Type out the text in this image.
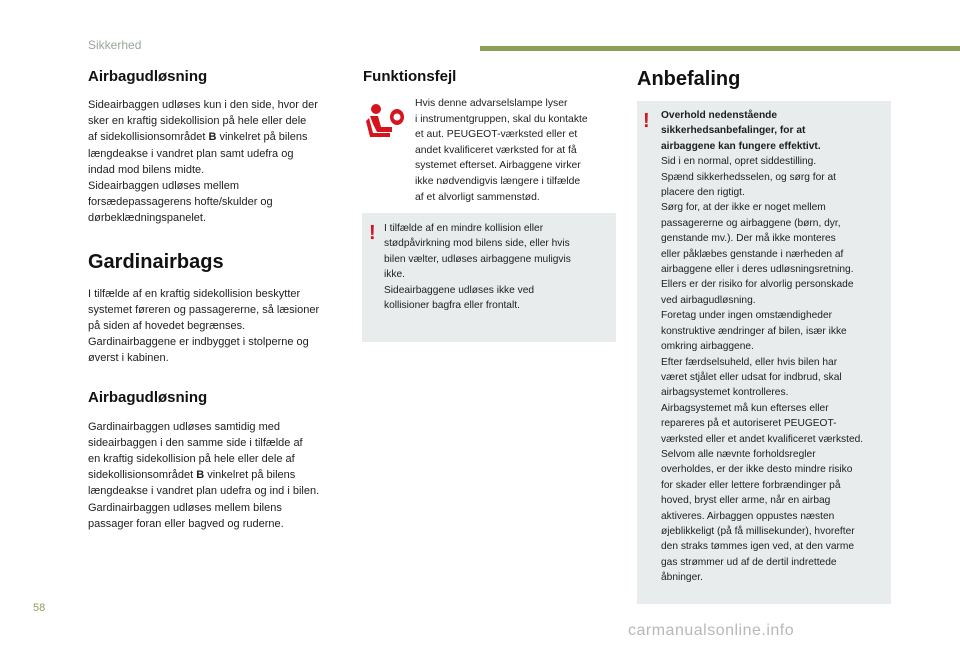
Sikkerhed
Airbagudløsning

Sideairbaggen udløses kun i den side, hvor der
sker en kraftig sidekollision på hele eller dele
af sidekollisionsområdet B vinkelret på bilens
længdeakse i vandret plan samt udefra og
indad mod bilens midte.
Sideairbaggen udløses mellem
forsædepassagerens hofte/skulder og
dørbeklædningspanelet.

Gardinairbags

I tilfælde af en kraftig sidekollision beskytter
systemet føreren og passagererne, så læsioner
på siden af hovedet begrænses.
Gardinairbaggene er indbygget i stolperne og
øverst i kabinen.

Airbagudløsning

Gardinairbaggen udløses samtidig med
sideairbaggen i den samme side i tilfælde af
en kraftig sidekollision på hele eller dele af
sidekollisionsområdet B vinkelret på bilens
længdeakse i vandret plan udefra og ind i bilen.
Gardinairbaggen udløses mellem bilens
passager foran eller bagved og ruderne.

Funktionsfejl

Hvis denne advarselslampe lyser
i instrumentgruppen, skal du kontakte
et aut. PEUGEOT-værksted eller et
andet kvalificeret værksted for at få
systemet efterset. Airbaggene virker
ikke nødvendigvis længere i tilfælde
af et alvorligt sammenstød.

! I tilfælde af en mindre kollision eller
stødpåvirkning mod bilens side, eller hvis
bilen vælter, udløses airbaggene muligvis
ikke.
Sideairbaggene udløses ikke ved
kollisioner bagfra eller frontalt.

Anbefaling
! Overhold nedenstående
sikkerhedsanbefalinger, for at
airbaggene kan fungere effektivt.
Sid i en normal, opret siddestilling.
Spænd sikkerhedsselen, og sørg for at
placere den rigtigt.
Sørg for, at der ikke er noget mellem
passagererne og airbaggene (børn, dyr,
genstande mv.). Der må ikke monteres
eller påklæbes genstande i nærheden af
airbaggene eller i deres udløsningsretning.
Ellers er der risiko for alvorlig personskade
ved airbagudløsning.
Foretag under ingen omstændigheder
konstruktive ændringer af bilen, især ikke
omkring airbaggene.
Efter færdselsuheld, eller hvis bilen har
været stjålet eller udsat for indbrud, skal
airbagsystemet kontrolleres.
Airbagsystemet må kun efterses eller
repareres på et autoriseret PEUGEOT-
værksted eller et andet kvalificeret værksted.
Selvom alle nævnte forholdsregler
overholdes, er der ikke desto mindre risiko
for skader eller lettere forbrændinger på
hoved, bryst eller arme, når en airbag
aktiveres. Airbaggen oppustes næsten
øjeblikkeligt (på få millisekunder), hvorefter
den straks tømmes igen ved, at den varme
gas strømmer ud af de dertil indrettede
åbninger.

58
carmanualsonline.info
